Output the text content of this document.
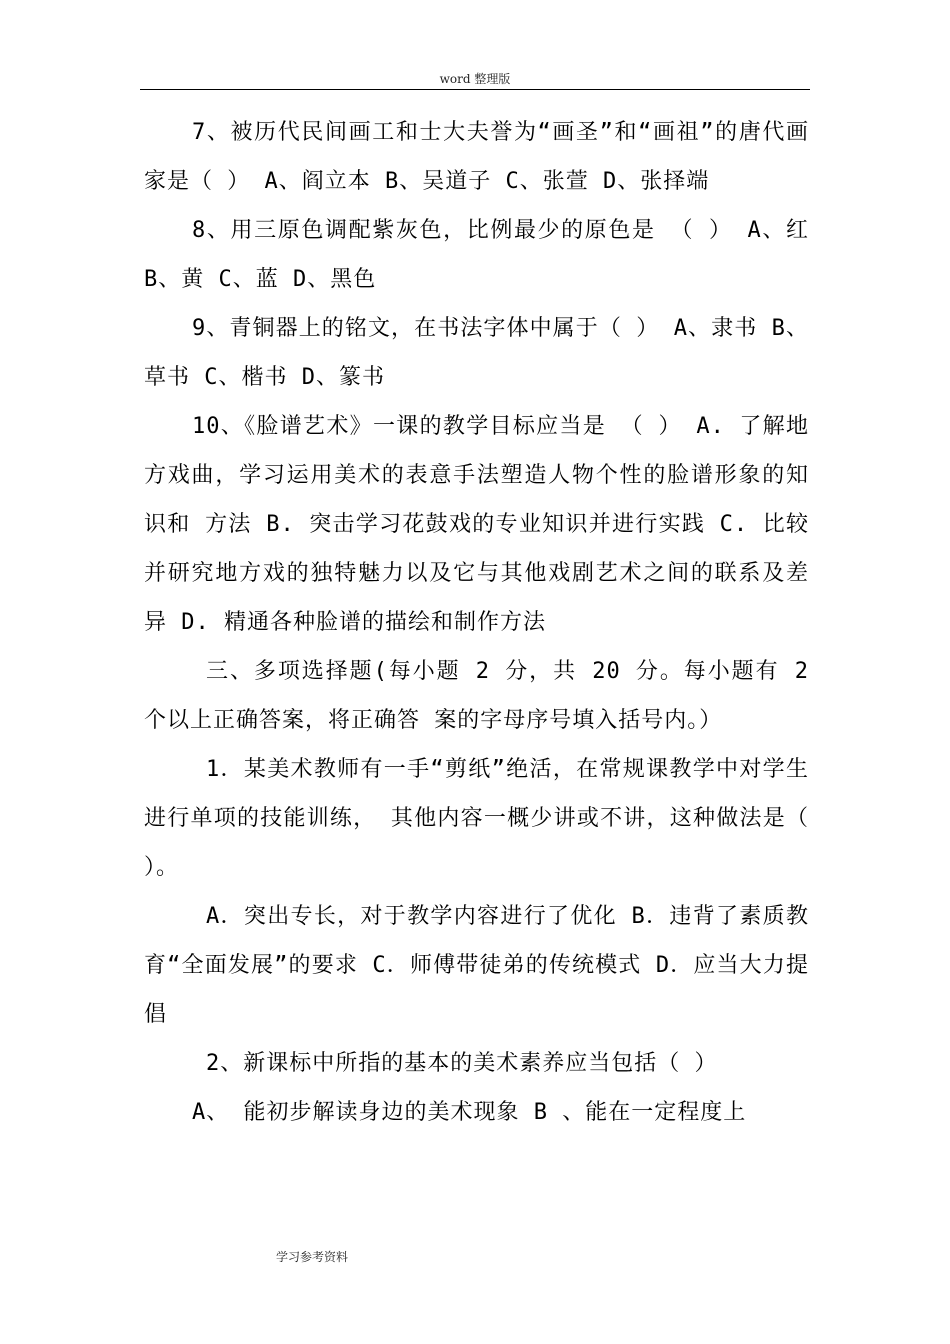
word 整理版

7、被历代民间画工和士大夫誉为“画圣”和“画祖”的唐代画家是（ ） A、阎立本 B、吴道子 C、张萱 D、张择端

8、用三原色调配紫灰色，比例最少的原色是 （ ） A、红 B、黄 C、蓝 D、黑色

9、青铜器上的铭文，在书法字体中属于（ ） A、隶书 B、草书 C、楷书 D、篆书

10、《脸谱艺术》一课的教学目标应当是 （ ） A. 了解地方戏曲，学习运用美术的表意手法塑造人物个性的脸谱形象的知识和 方法 B. 突击学习花鼓戏的专业知识并进行实践 C. 比较并研究地方戏的独特魅力以及它与其他戏剧艺术之间的联系及差异 D. 精通各种脸谱的描绘和制作方法

三、多项选择题(每小题 2 分，共 20 分。每小题有 2 个以上正确答案，将正确答 案的字母序号填入括号内。）

1．某美术教师有一手“剪纸”绝活，在常规课教学中对学生进行单项的技能训练， 其他内容一概少讲或不讲，这种做法是（ ）。

A．突出专长，对于教学内容进行了优化 B．违背了素质教育“全面发展”的要求 C．师傅带徒弟的传统模式 D．应当大力提倡

2、新课标中所指的基本的美术素养应当包括（ ）

A、 能初步解读身边的美术现象 B 、能在一定程度上

学习参考资料
